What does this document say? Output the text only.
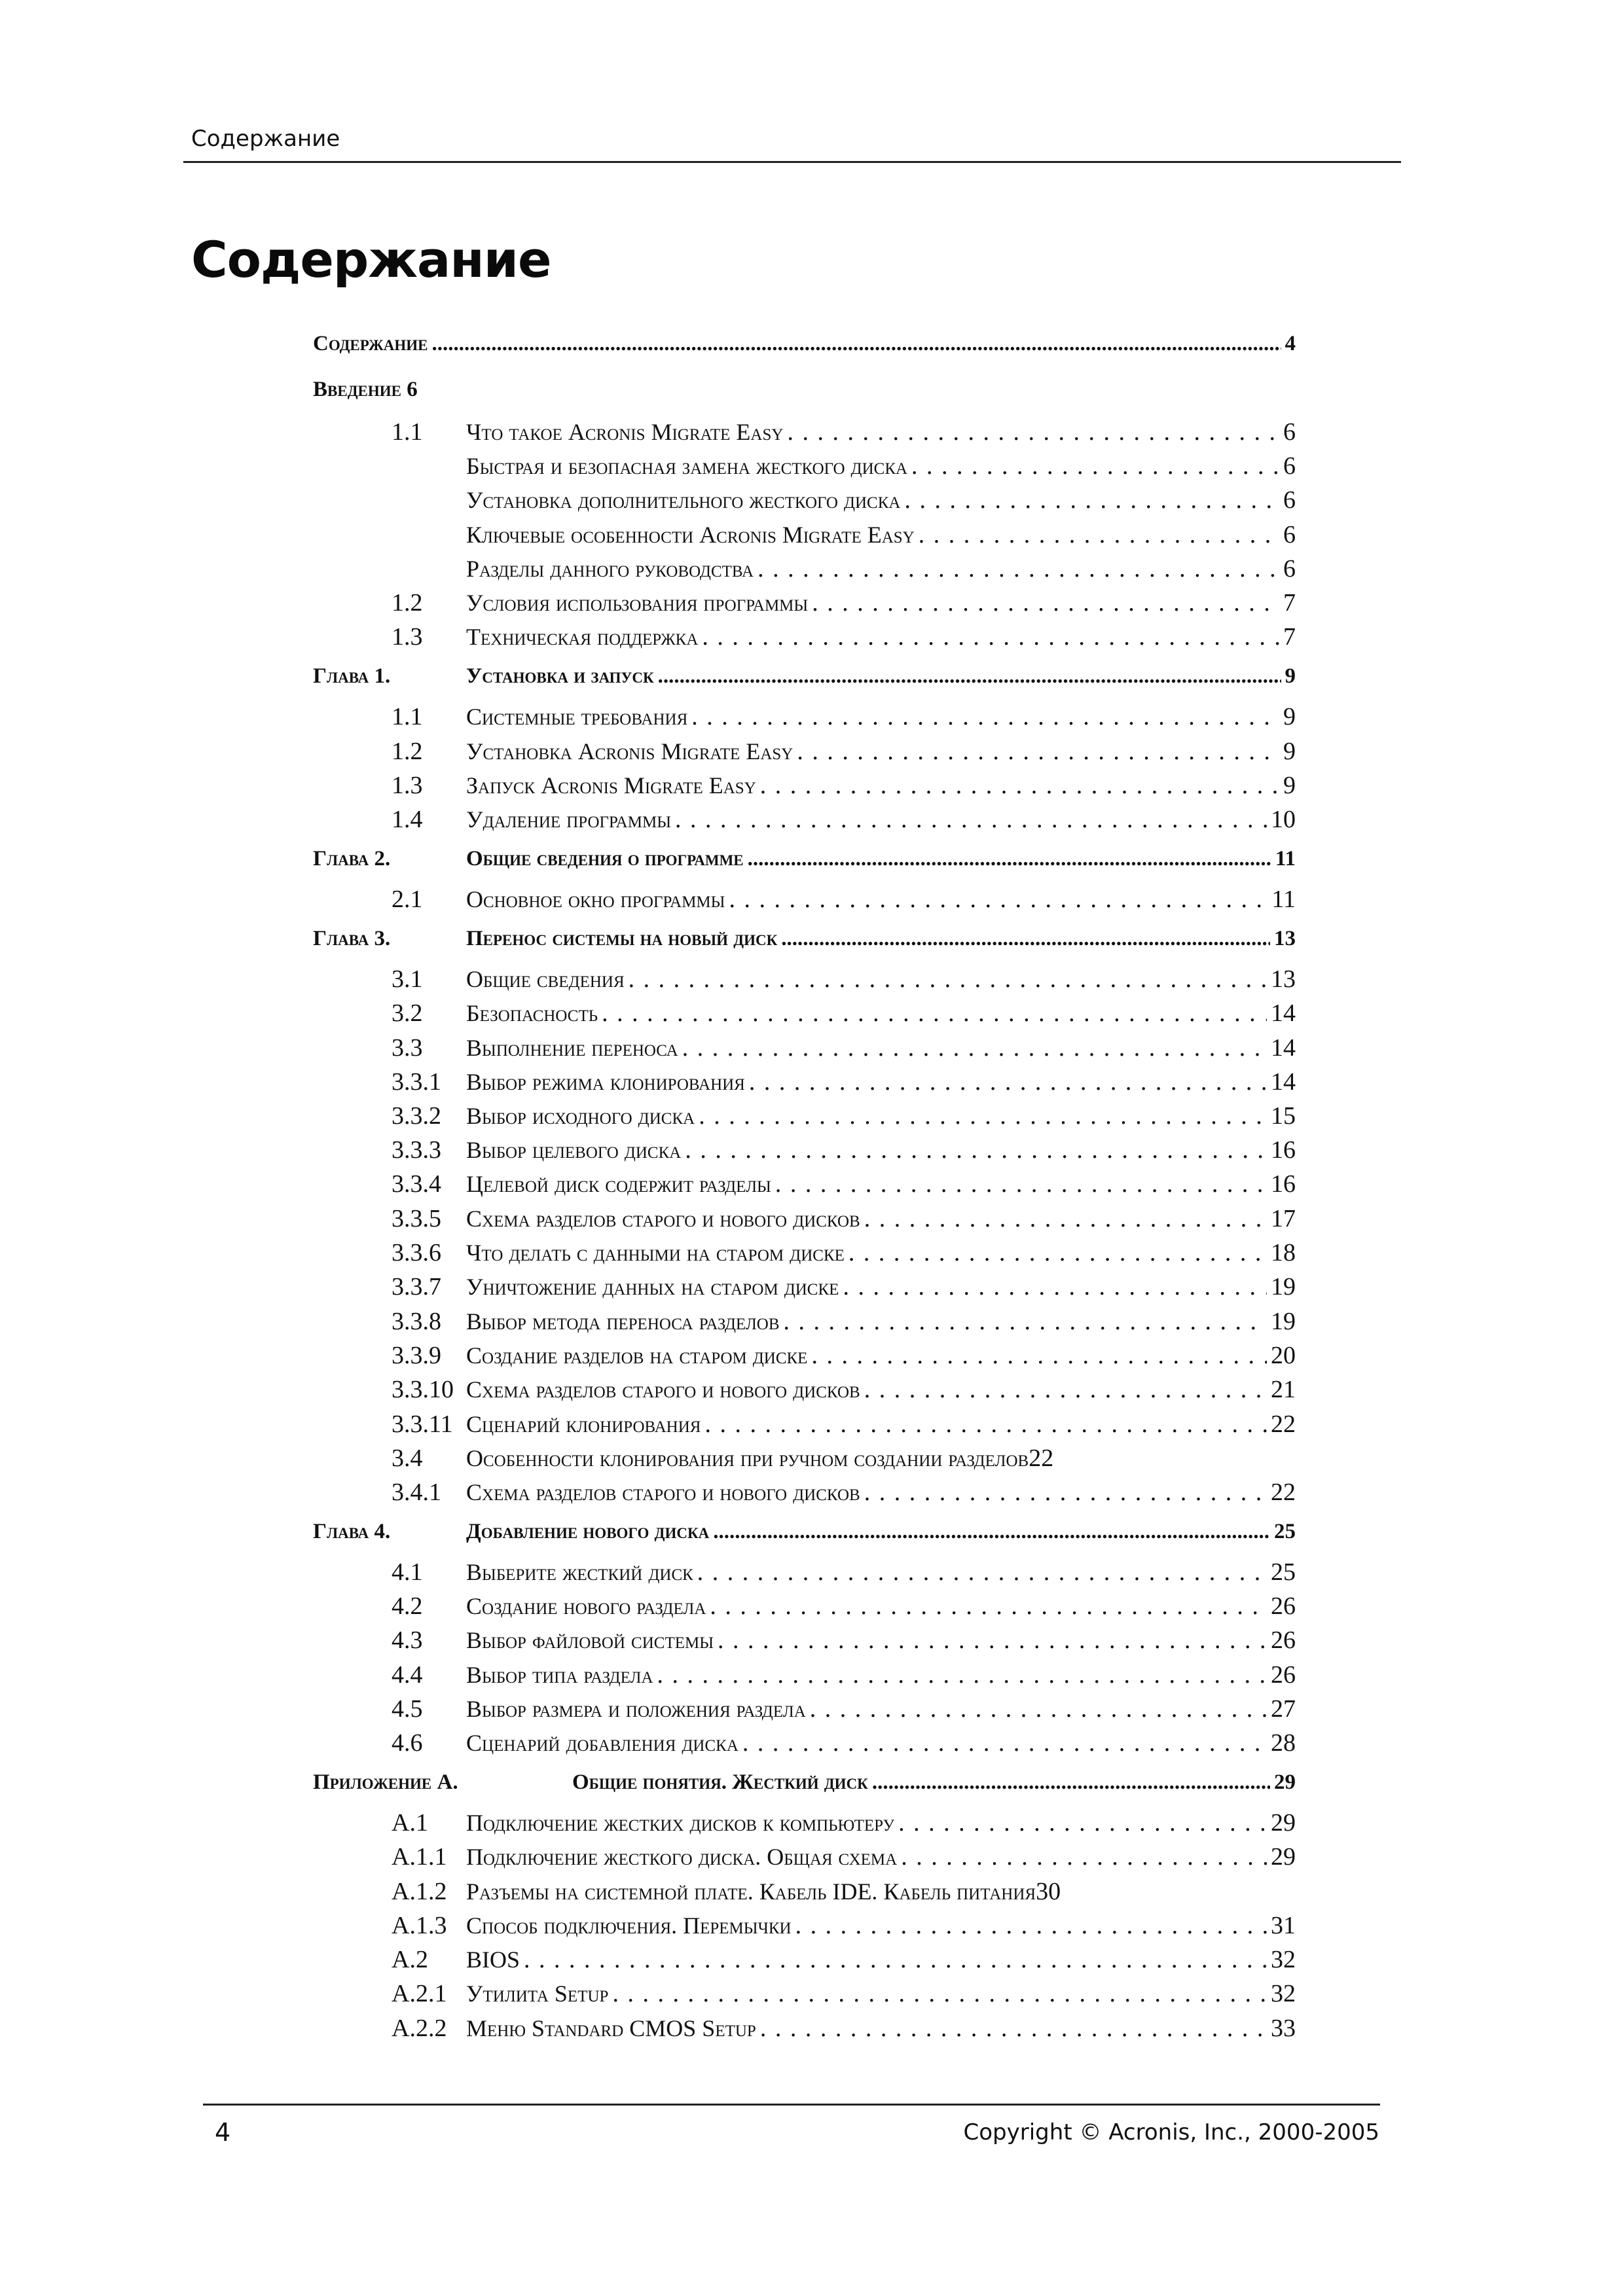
Содержание
Содержание
Содержание .....	4
Введение 6
1.1 Что такое Acronis Migrate Easy . . .	6
Быстрая и безопасная замена жесткого диска . . .	6
Установка дополнительного жесткого диска . . .	6
Ключевые особенности Acronis Migrate Easy . . .	6
Разделы данного руководства . . .	6
1.2 Условия использования программы . . .	7
1.3 Техническая поддержка . . .	7
Глава 1.	Установка и запуск .....	9
1.1 Системные требования . . .	9
1.2 Установка Acronis Migrate Easy . . .	9
1.3 Запуск Acronis Migrate Easy . . .	9
1.4 Удаление программы . . .	10
Глава 2.	Общие сведения о программе .....	11
2.1 Основное окно программы . . .	11
Глава 3.	Перенос системы на новый диск .....	13
3.1 Общие сведения . . .	13
3.2 Безопасность . . .	14
3.3 Выполнение переноса . . .	14
3.3.1 Выбор режима клонирования . . .	14
3.3.2 Выбор исходного диска . . .	15
3.3.3 Выбор целевого диска . . .	16
3.3.4 Целевой диск содержит разделы . . .	16
3.3.5 Схема разделов старого и нового дисков . . .	17
3.3.6 Что делать с данными на старом диске . . .	18
3.3.7 Уничтожение данных на старом диске . . .	19
3.3.8 Выбор метода переноса разделов . . .	19
3.3.9 Создание разделов на старом диске . . .	20
3.3.10 Схема разделов старого и нового дисков . . .	21
3.3.11 Сценарий клонирования . . .	22
3.4 Особенности клонирования при ручном создании разделов 22
3.4.1 Схема разделов старого и нового дисков . . .	22
Глава 4.	Добавление нового диска .....	25
4.1 Выберите жесткий диск . . .	25
4.2 Создание нового раздела . . .	26
4.3 Выбор файловой системы . . .	26
4.4 Выбор типа раздела . . .	26
4.5 Выбор размера и положения раздела . . .	27
4.6 Сценарий добавления диска . . .	28
Приложение A.	Общие понятия. Жесткий диск .....	29
A.1 Подключение жестких дисков к компьютеру . . .	29
A.1.1 Подключение жесткого диска. Общая схема . . .	29
A.1.2 Разъемы на системной плате. Кабель IDE. Кабель питания 30
A.1.3 Способ подключения. Перемычки . . .	31
A.2 BIOS . . .	32
A.2.1 Утилита Setup . . .	32
A.2.2 Меню Standard CMOS Setup . . .	33
4	Copyright © Acronis, Inc., 2000-2005
